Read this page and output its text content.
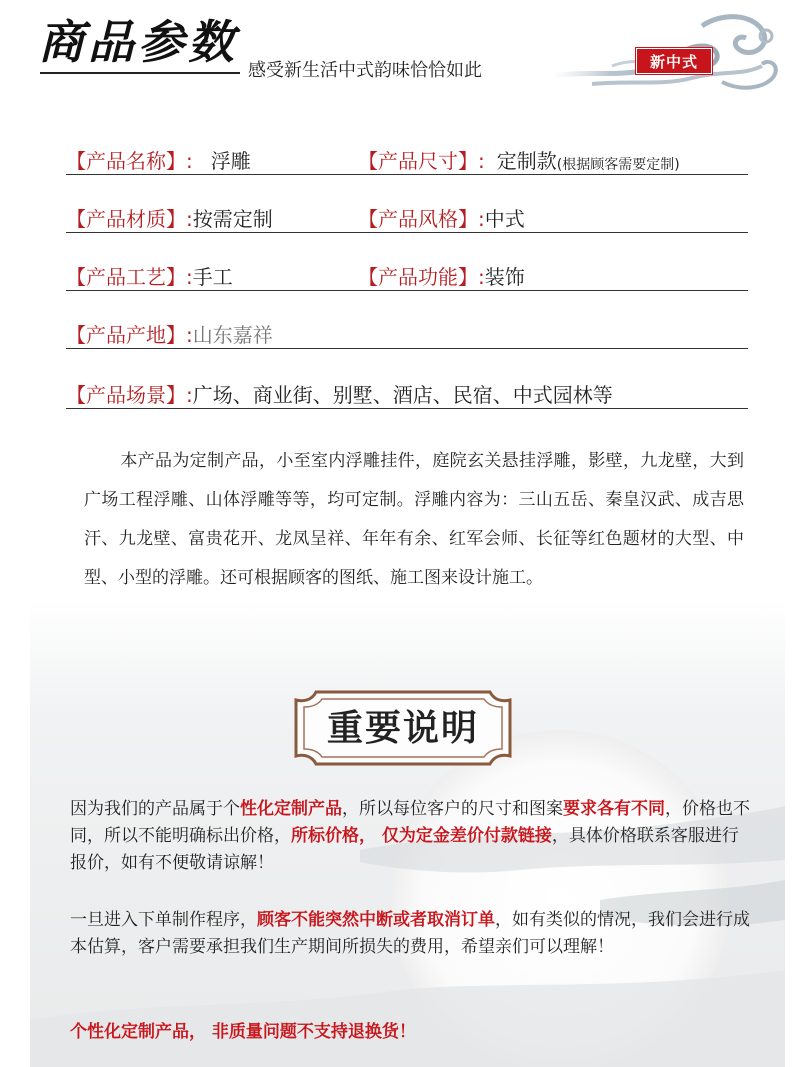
商品参数
感受新生活中式韵味恰恰如此	新中式
【产品名称】: 浮雕	【产品尺寸】: 定制款 (根据顾客需要定制)
【产品材质】: 按需定制	【产品风格】: 中式
【产品工艺】: 手工	【产品功能】: 装饰
【产品产地】: 山东嘉祥
【产品场景】: 广场、商业街、别墅、酒店、民宿、中式园林等
本产品为定制产品，小至室内浮雕挂件，庭院玄关悬挂浮雕，影壁，九龙壁，大到广场工程浮雕、山体浮雕等等，均可定制。浮雕内容为：三山五岳、秦皇汉武、成吉思汗、九龙壁、富贵花开、龙凤呈祥、年年有余、红军会师、长征等红色题材的大型、中型、小型的浮雕。还可根据顾客的图纸、施工图来设计施工。
重要说明
因为我们的产品属于个性化定制产品，所以每位客户的尺寸和图案要求各有不同，价格也不同，所以不能明确标出价格，所标价格， 仅为定金差价付款链接，具体价格联系客服进行报价，如有不便敬请谅解！
一旦进入下单制作程序，顾客不能突然中断或者取消订单，如有类似的情况，我们会进行成本估算，客户需要承担我们生产期间所损失的费用，希望亲们可以理解！
个性化定制产品， 非质量问题不支持退换货！
